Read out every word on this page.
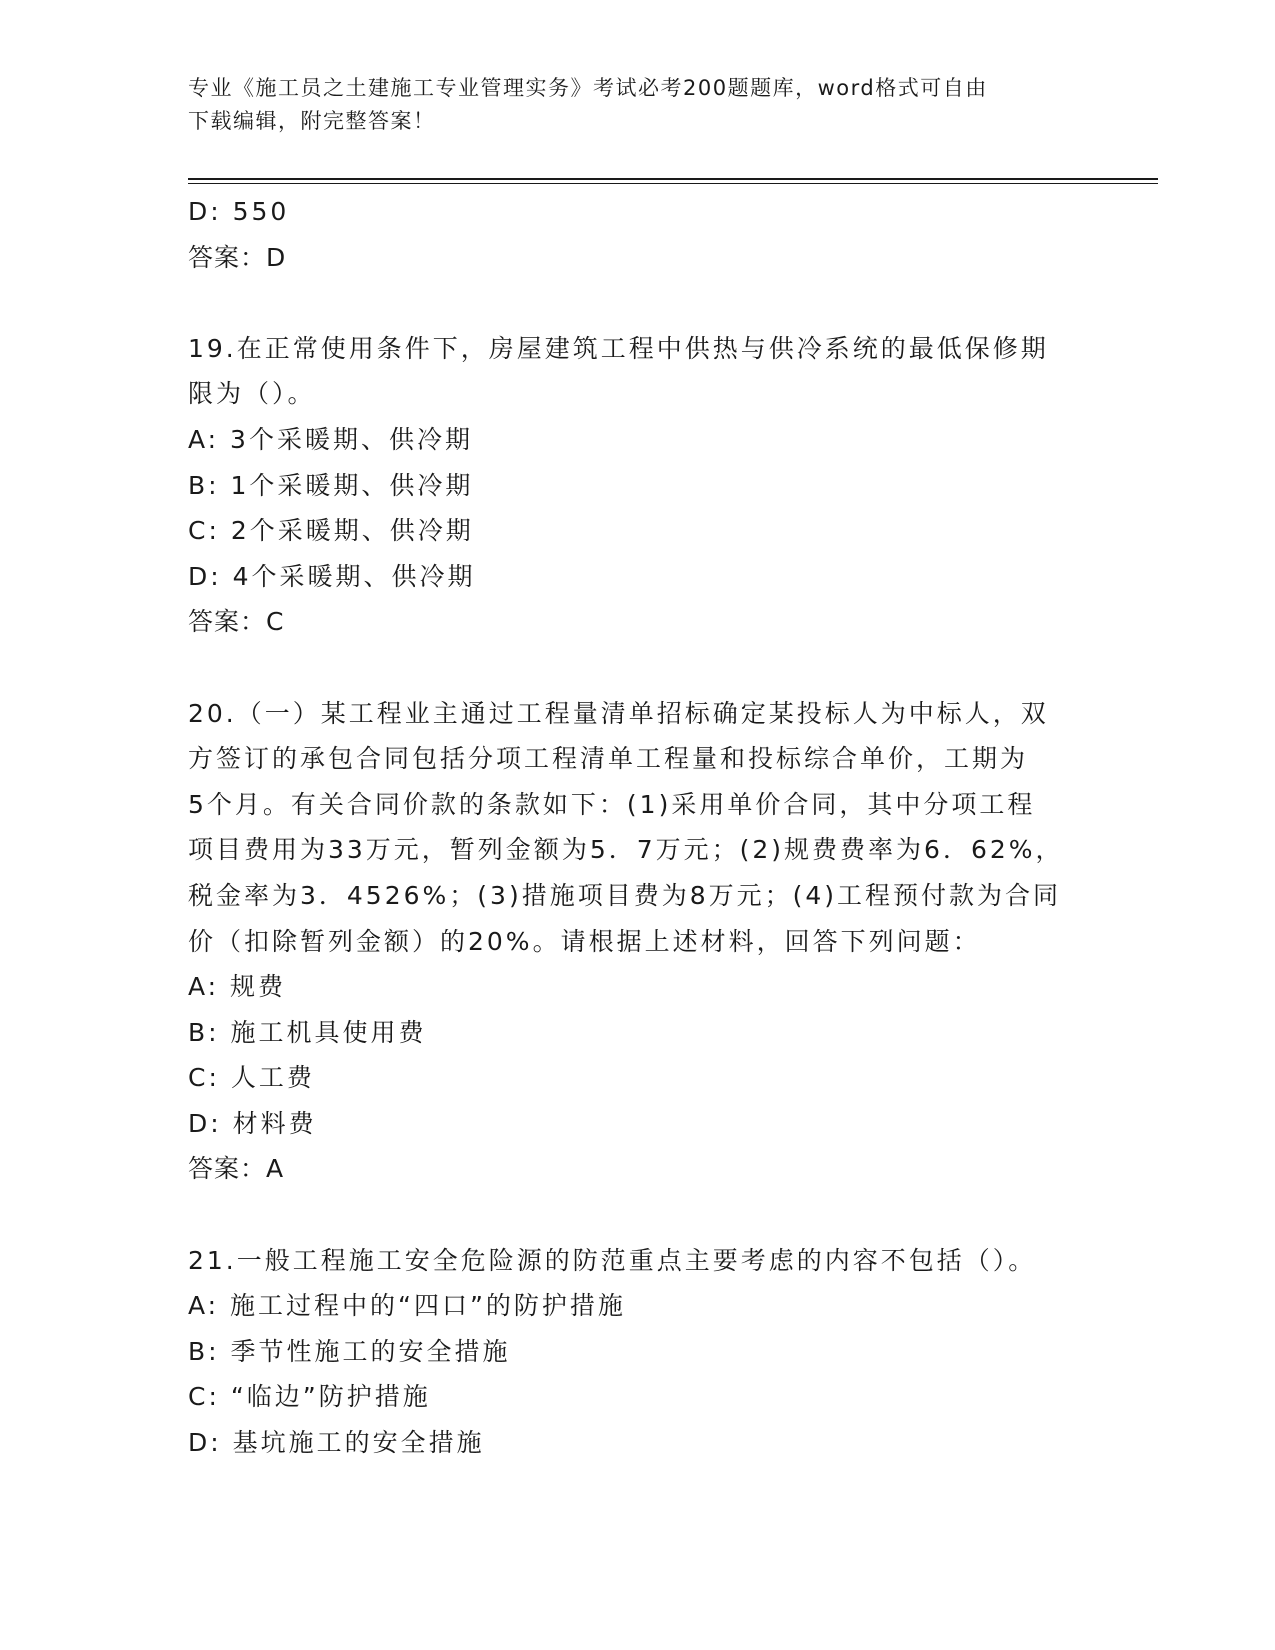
专业《施工员之土建施工专业管理实务》考试必考200题题库，word格式可自由
下载编辑，附完整答案！
D: 550
答案：D
19.在正常使用条件下，房屋建筑工程中供热与供冷系统的最低保修期
限为（）。
A: 3个采暖期、供冷期
B: 1个采暖期、供冷期
C: 2个采暖期、供冷期
D: 4个采暖期、供冷期
答案：C
20.（一）某工程业主通过工程量清单招标确定某投标人为中标人，双
方签订的承包合同包括分项工程清单工程量和投标综合单价，工期为
5个月。有关合同价款的条款如下：(1)采用单价合同，其中分项工程
项目费用为33万元，暂列金额为5．7万元；(2)规费费率为6．62%，
税金率为3．4526%；(3)措施项目费为8万元；(4)工程预付款为合同
价（扣除暂列金额）的20%。请根据上述材料，回答下列问题：
A: 规费
B: 施工机具使用费
C: 人工费
D: 材料费
答案：A
21.一般工程施工安全危险源的防范重点主要考虑的内容不包括（）。
A: 施工过程中的“四口”的防护措施
B: 季节性施工的安全措施
C: “临边”防护措施
D: 基坑施工的安全措施
